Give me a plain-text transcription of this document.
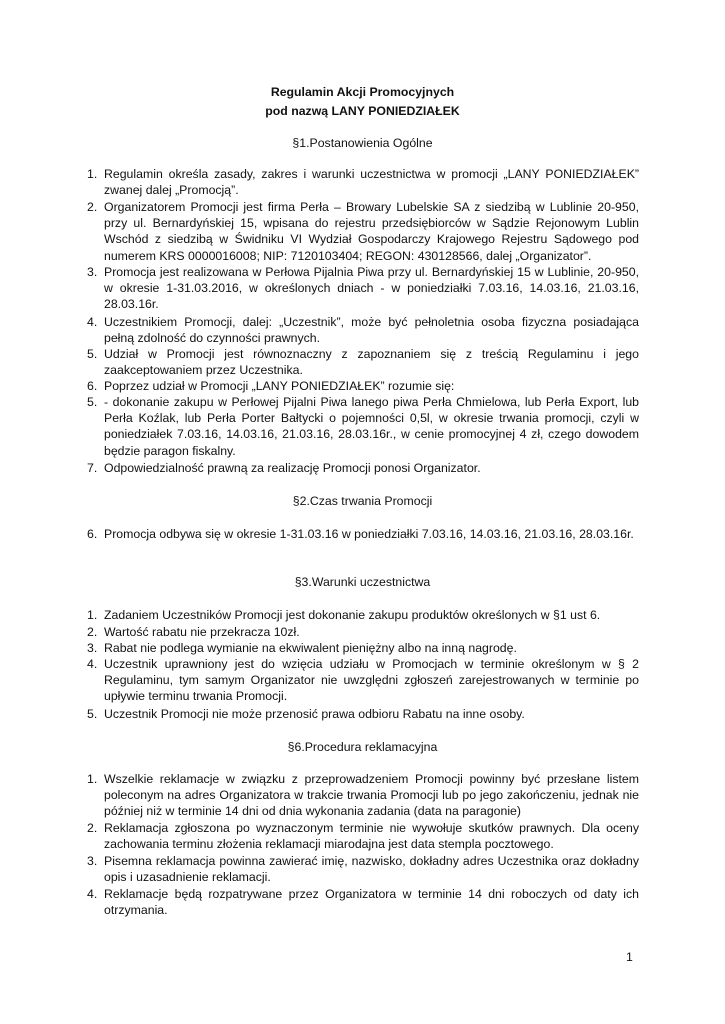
Regulamin Akcji Promocyjnych
pod nazwą LANY PONIEDZIAŁEK
§1.Postanowienia Ogólne
1. Regulamin określa zasady, zakres i warunki uczestnictwa w promocji „LANY PONIEDZIAŁEK” zwanej dalej „Promocją”.
2. Organizatorem Promocji jest firma Perła – Browary Lubelskie SA z siedzibą w Lublinie 20-950, przy ul. Bernardyńskiej 15, wpisana do rejestru przedsiębiorców w Sądzie Rejonowym Lublin Wschód z siedzibą w Świdniku VI Wydział Gospodarczy Krajowego Rejestru Sądowego pod numerem KRS 0000016008; NIP: 7120103404; REGON: 430128566, dalej „Organizator”.
3. Promocja jest realizowana w Perłowa Pijalnia Piwa przy ul. Bernardyńskiej 15 w Lublinie, 20-950, w okresie 1-31.03.2016, w określonych dniach - w poniedziałki 7.03.16, 14.03.16, 21.03.16, 28.03.16r.
4. Uczestnikiem Promocji, dalej: „Uczestnik”, może być pełnoletnia osoba fizyczna posiadająca pełną zdolność do czynności prawnych.
5. Udział w Promocji jest równoznaczny z zapoznaniem się z treścią Regulaminu i jego zaakceptowaniem przez Uczestnika.
6. Poprzez udział w Promocji „LANY PONIEDZIAŁEK” rozumie się:
5. - dokonanie zakupu w Perłowej Pijalni Piwa lanego piwa Perła Chmielowa, lub Perła Export, lub Perła Koźlak, lub Perła Porter Bałtycki o pojemności 0,5l, w okresie trwania promocji, czyli w poniedziałek 7.03.16, 14.03.16, 21.03.16, 28.03.16r., w cenie promocyjnej 4 zł, czego dowodem będzie paragon fiskalny.
7. Odpowiedzialność prawną za realizację Promocji ponosi Organizator.
§2.Czas trwania Promocji
6. Promocja odbywa się w okresie 1-31.03.16 w poniedziałki 7.03.16, 14.03.16, 21.03.16, 28.03.16r.
§3.Warunki uczestnictwa
1. Zadaniem Uczestników Promocji jest dokonanie zakupu produktów określonych w §1 ust 6.
2. Wartość rabatu nie przekracza 10zł.
3. Rabat nie podlega wymianie na ekwiwalent pieniężny albo na inną nagrodę.
4. Uczestnik uprawniony jest do wzięcia udziału w Promocjach w terminie określonym w § 2 Regulaminu, tym samym Organizator nie uwzględni zgłoszeń zarejestrowanych w terminie po upływie terminu trwania Promocji.
5. Uczestnik Promocji nie może przenosić prawa odbioru Rabatu na inne osoby.
§6.Procedura reklamacyjna
1. Wszelkie reklamacje w związku z przeprowadzeniem Promocji powinny być przesłane listem poleconym na adres Organizatora w trakcie trwania Promocji lub po jego zakończeniu, jednak nie później niż w terminie 14 dni od dnia wykonania zadania (data na paragonie)
2. Reklamacja zgłoszona po wyznaczonym terminie nie wywołuje skutków prawnych. Dla oceny zachowania terminu złożenia reklamacji miarodajna jest data stempla pocztowego.
3. Pisemna reklamacja powinna zawierać imię, nazwisko, dokładny adres Uczestnika oraz dokładny opis i uzasadnienie reklamacji.
4. Reklamacje będą rozpatrywane przez Organizatora w terminie 14 dni roboczych od daty ich otrzymania.
1
